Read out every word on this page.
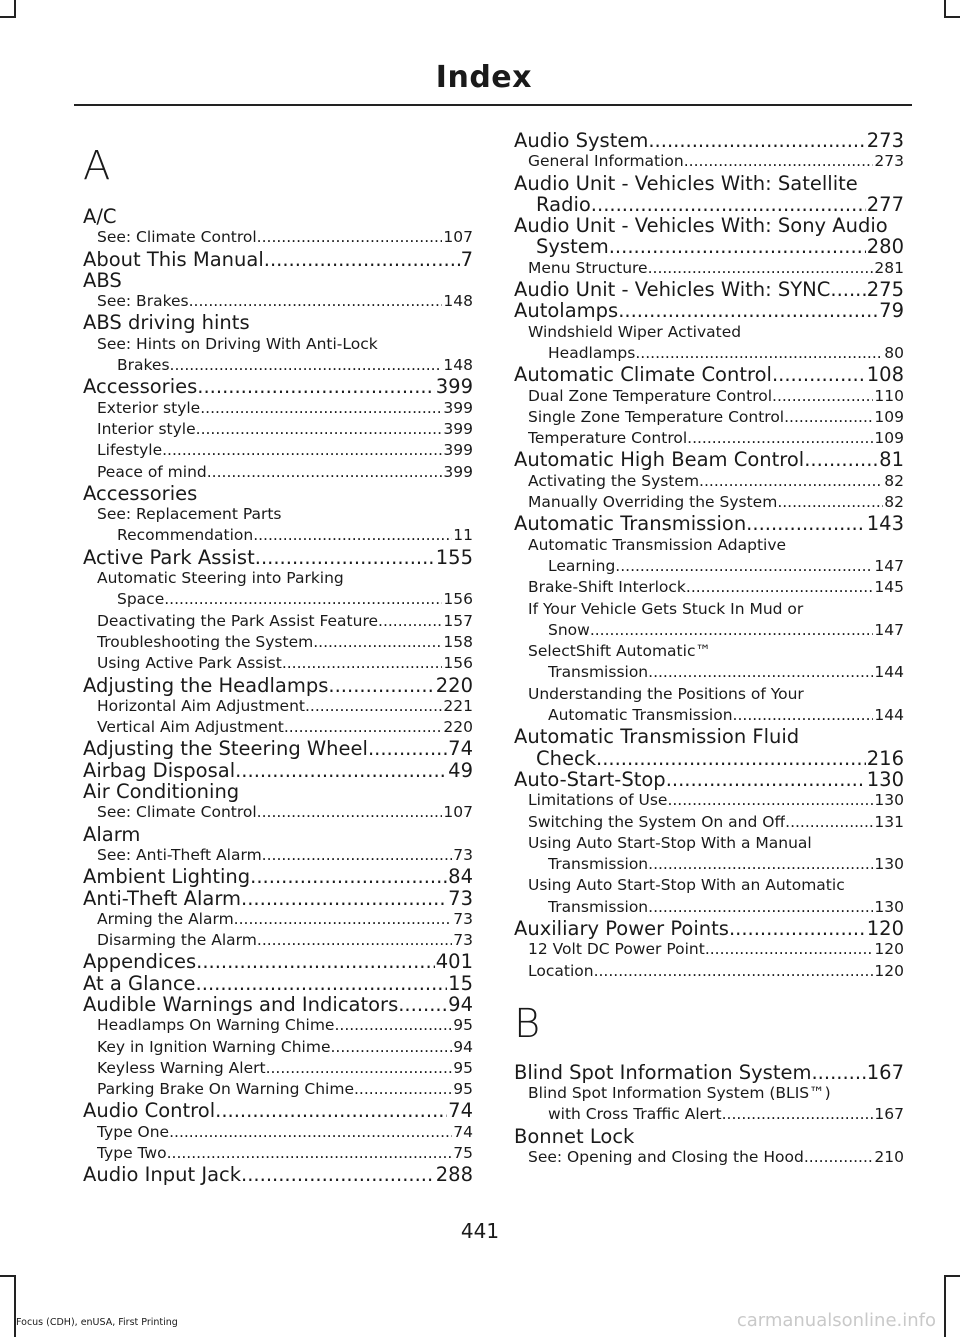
Index
A
A/C
See: Climate Control .....	107
About This Manual .....	7
ABS
See: Brakes .....	148
ABS driving hints
See: Hints on Driving With Anti-Lock
Brakes .....	148
Accessories .....	399
Exterior style .....	399
Interior style .....	399
Lifestyle .....	399
Peace of mind .....	399
Accessories
See: Replacement Parts
Recommendation .....	11
Active Park Assist .....	155
Automatic Steering into Parking
Space .....	156
Deactivating the Park Assist Feature .....	157
Troubleshooting the System .....	158
Using Active Park Assist .....	156
Adjusting the Headlamps .....	220
Horizontal Aim Adjustment .....	221
Vertical Aim Adjustment .....	220
Adjusting the Steering Wheel .....	74
Airbag Disposal .....	49
Air Conditioning
See: Climate Control .....	107
Alarm
See: Anti-Theft Alarm .....	73
Ambient Lighting .....	84
Anti-Theft Alarm .....	73
Arming the Alarm .....	73
Disarming the Alarm .....	73
Appendices .....	401
At a Glance .....	15
Audible Warnings and Indicators .....	94
Headlamps On Warning Chime .....	95
Key in Ignition Warning Chime .....	94
Keyless Warning Alert .....	95
Parking Brake On Warning Chime .....	95
Audio Control .....	74
Type One .....	74
Type Two .....	75
Audio Input Jack .....	288
Audio System .....	273
General Information .....	273
Audio Unit - Vehicles With: Satellite
Radio .....	277
Audio Unit - Vehicles With: Sony Audio
System .....	280
Menu Structure .....	281
Audio Unit - Vehicles With: SYNC ..... 275
Autolamps .....	79
Windshield Wiper Activated
Headlamps .....	80
Automatic Climate Control .....	108
Dual Zone Temperature Control .....	110
Single Zone Temperature Control .....	109
Temperature Control .....	109
Automatic High Beam Control .....	81
Activating the System .....	82
Manually Overriding the System .....	82
Automatic Transmission .....	143
Automatic Transmission Adaptive
Learning .....	147
Brake-Shift Interlock .....	145
If Your Vehicle Gets Stuck In Mud or
Snow .....	147
SelectShift Automatic™
Transmission .....	144
Understanding the Positions of Your
Automatic Transmission .....	144
Automatic Transmission Fluid
Check .....	216
Auto-Start-Stop .....	130
Limitations of Use .....	130
Switching the System On and Off .....	131
Using Auto Start-Stop With a Manual
Transmission .....	130
Using Auto Start-Stop With an Automatic
Transmission .....	130
Auxiliary Power Points .....	120
12 Volt DC Power Point .....	120
Location .....	120
B
Blind Spot Information System .....	167
Blind Spot Information System (BLIS™)
with Cross Traffic Alert .....	167
Bonnet Lock
See: Opening and Closing the Hood .....	210
441
Focus (CDH), enUSA, First Printing	carmanualsonline.info
